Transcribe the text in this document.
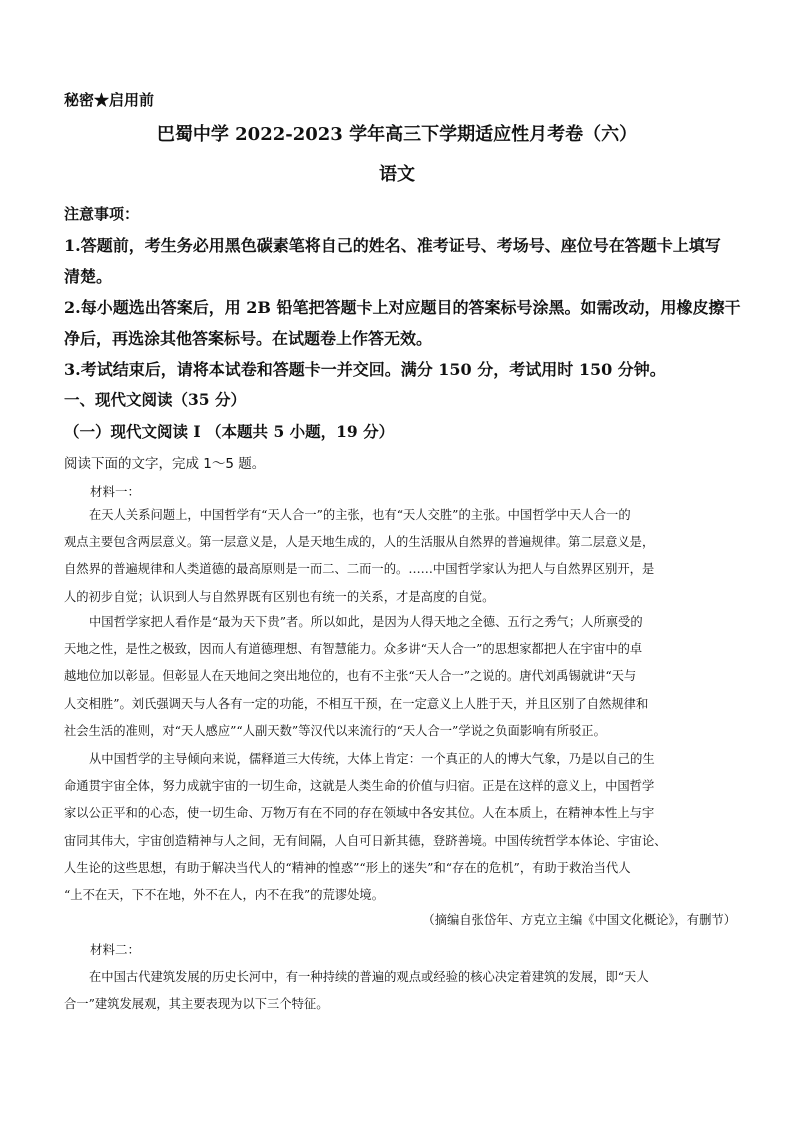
秘密★启用前
巴蜀中学 2022-2023 学年高三下学期适应性月考卷（六）
语文
注意事项：
1.答题前，考生务必用黑色碳素笔将自己的姓名、准考证号、考场号、座位号在答题卡上填写
清楚。
2.每小题选出答案后，用 2B 铅笔把答题卡上对应题目的答案标号涂黑。如需改动，用橡皮擦干
净后，再选涂其他答案标号。在试题卷上作答无效。
3.考试结束后，请将本试卷和答题卡一并交回。满分 150 分，考试用时 150 分钟。
一、现代文阅读（35 分）
（一）现代文阅读 I （本题共 5 小题，19 分）
阅读下面的文字，完成 1～5 题。
材料一：
在天人关系问题上，中国哲学有“天人合一”的主张，也有“天人交胜”的主张。中国哲学中天人合一的
观点主要包含两层意义。第一层意义是，人是天地生成的，人的生活服从自然界的普遍规律。第二层意义是，
自然界的普遍规律和人类道德的最高原则是一而二、二而一的。……中国哲学家认为把人与自然界区别开，是
人的初步自觉；认识到人与自然界既有区别也有统一的关系，才是高度的自觉。
中国哲学家把人看作是“最为天下贵”者。所以如此，是因为人得天地之全德、五行之秀气；人所禀受的
天地之性，是性之极致，因而人有道德理想、有智慧能力。众多讲“天人合一”的思想家都把人在宇宙中的卓
越地位加以彰显。但彰显人在天地间之突出地位的，也有不主张“天人合一”之说的。唐代刘禹锡就讲“天与
人交相胜”。刘氏强调天与人各有一定的功能，不相互干预，在一定意义上人胜于天，并且区别了自然规律和
社会生活的准则，对“天人感应”“人副天数”等汉代以来流行的“天人合一”学说之负面影响有所驳正。
从中国哲学的主导倾向来说，儒释道三大传统，大体上肯定：一个真正的人的博大气象，乃是以自己的生
命通贯宇宙全体，努力成就宇宙的一切生命，这就是人类生命的价值与归宿。正是在这样的意义上，中国哲学
家以公正平和的心态，使一切生命、万物万有在不同的存在领域中各安其位。人在本质上，在精神本性上与宇
宙同其伟大，宇宙创造精神与人之间，无有间隔，人自可日新其德，登跻善境。中国传统哲学本体论、宇宙论、
人生论的这些思想，有助于解决当代人的“精神的惶惑”“形上的迷失”和“存在的危机”，有助于救治当代人
“上不在天，下不在地，外不在人，内不在我”的荒谬处境。
（摘编自张岱年、方克立主编《中国文化概论》，有删节）
材料二：
在中国古代建筑发展的历史长河中，有一种持续的普遍的观点或经验的核心决定着建筑的发展，即“天人
合一”建筑发展观，其主要表现为以下三个特征。
